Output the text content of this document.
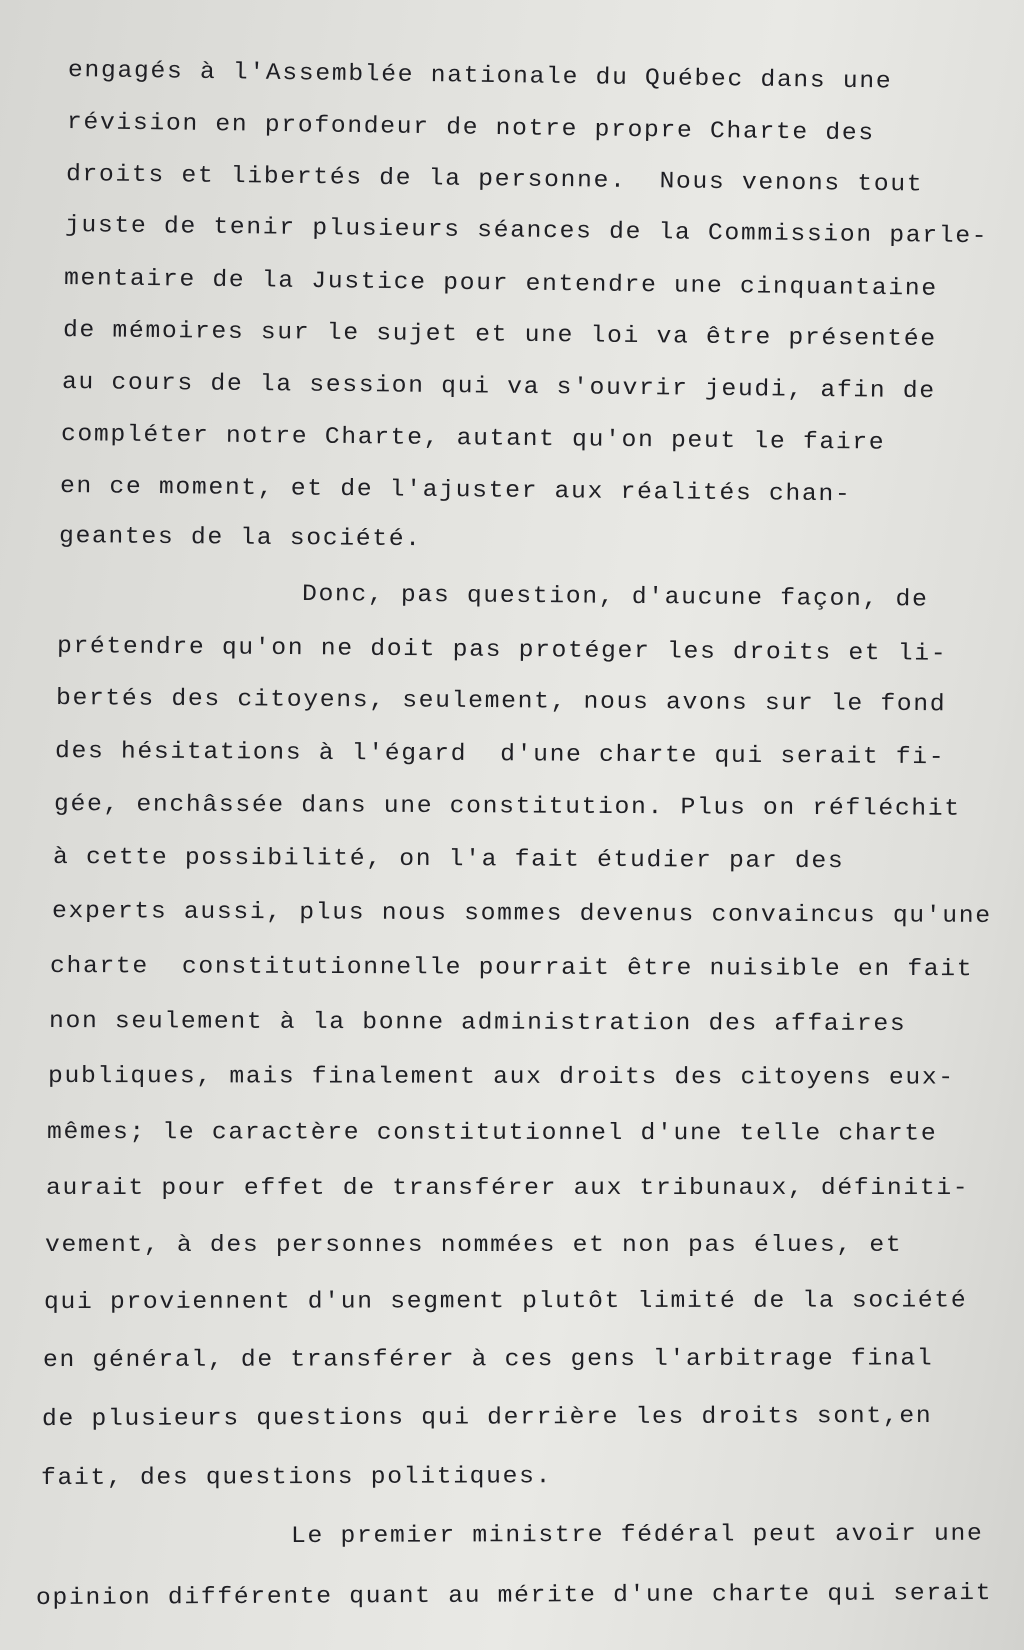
engagés à l'Assemblée nationale du Québec dans une
révision en profondeur de notre propre Charte des
droits et libertés de la personne.  Nous venons tout
juste de tenir plusieurs séances de la Commission parle-
mentaire de la Justice pour entendre une cinquantaine
de mémoires sur le sujet et une loi va être présentée
au cours de la session qui va s'ouvrir jeudi, afin de
compléter notre Charte, autant qu'on peut le faire
en ce moment, et de l'ajuster aux réalités chan-
geantes de la société.
Donc, pas question, d'aucune façon, de
prétendre qu'on ne doit pas protéger les droits et li-
bertés des citoyens, seulement, nous avons sur le fond
des hésitations à l'égard  d'une charte qui serait fi-
gée, enchâssée dans une constitution. Plus on réfléchit
à cette possibilité, on l'a fait étudier par des
experts aussi, plus nous sommes devenus convaincus qu'une
charte  constitutionnelle pourrait être nuisible en fait
non seulement à la bonne administration des affaires
publiques, mais finalement aux droits des citoyens eux-
mêmes; le caractère constitutionnel d'une telle charte
aurait pour effet de transférer aux tribunaux, définiti-
vement, à des personnes nommées et non pas élues, et
qui proviennent d'un segment plutôt limité de la société
en général, de transférer à ces gens l'arbitrage final
de plusieurs questions qui derrière les droits sont,en
fait, des questions politiques.
Le premier ministre fédéral peut avoir une
opinion différente quant au mérite d'une charte qui serait
